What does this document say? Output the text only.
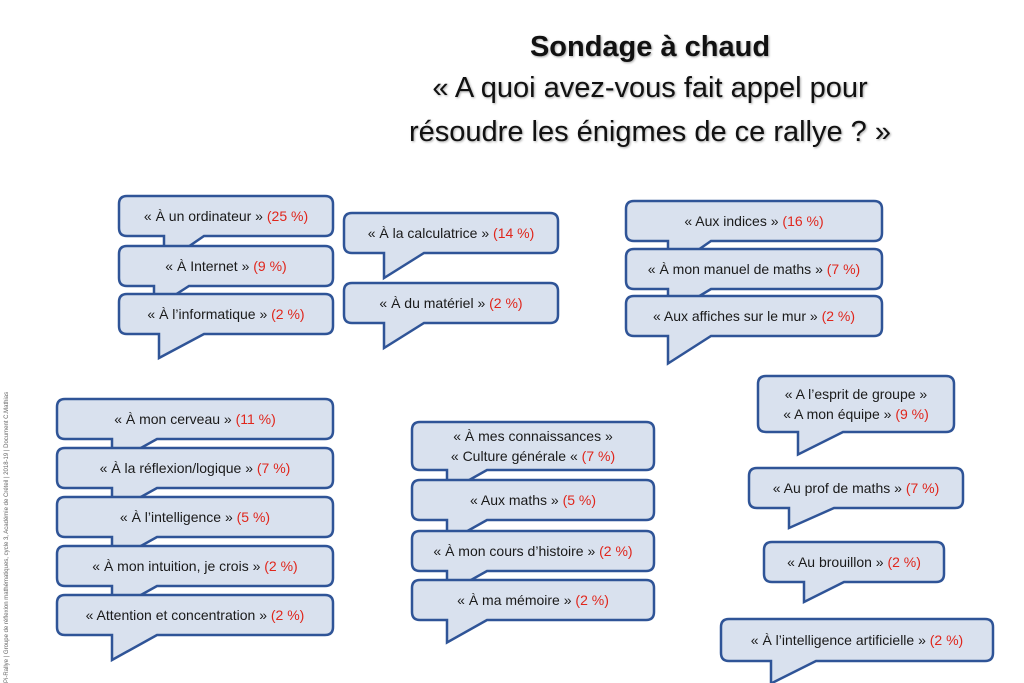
Sondage à chaud
« A quoi avez-vous fait appel pour
résoudre les énigmes de ce rallye ? »
Pi-Rallye | Groupe de réflexion mathématiques, cycle 3, Académie de Créteil | 2018-19 | Document C.Mathias
« À un ordinateur » (25 %)
« À Internet » (9 %)
« À l’informatique » (2 %)
« À la calculatrice » (14 %)
« À du matériel » (2 %)
« Aux indices » (16 %)
« À mon manuel de maths » (7 %)
« Aux affiches sur le mur » (2 %)
« À mon cerveau » (11 %)
« À la réflexion/logique » (7 %)
« À l’intelligence » (5 %)
« À mon intuition, je crois » (2 %)
« Attention et concentration » (2 %)
« À mes connaissances »
« Culture générale « (7 %)
« Aux maths » (5 %)
« À mon cours d’histoire » (2 %)
« À ma mémoire » (2 %)
« A l’esprit de groupe »
« A mon équipe » (9 %)
« Au prof de maths » (7 %)
« Au brouillon » (2 %)
« À l’intelligence artificielle » (2 %)
